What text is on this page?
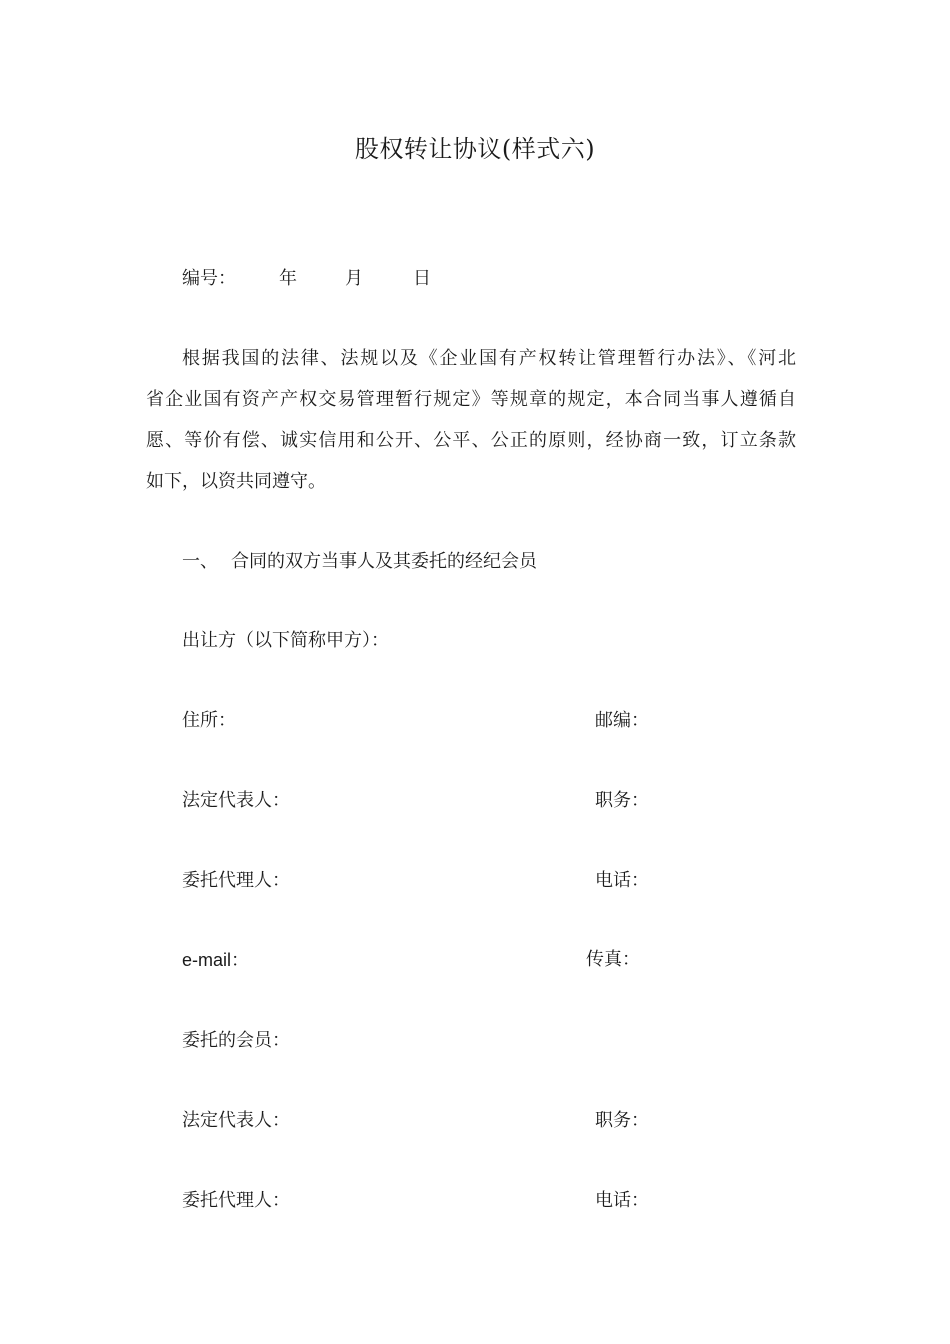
股权转让协议(样式六)
编号： 年	月	日
根据我国的法律、法规以及《企业国有产权转让管理暂行办法》、《河北
省企业国有资产产权交易管理暂行规定》等规章的规定，本合同当事人遵循自
愿、等价有偿、诚实信用和公开、公平、公正的原则，经协商一致，订立条款
如下，以资共同遵守。
一、 合同的双方当事人及其委托的经纪会员
出让方（以下简称甲方）：
住所：	邮编：
法定代表人：	职务：
委托代理人：	电话：
e-mail：	传真：
委托的会员：
法定代表人：	职务：
委托代理人：	电话：
